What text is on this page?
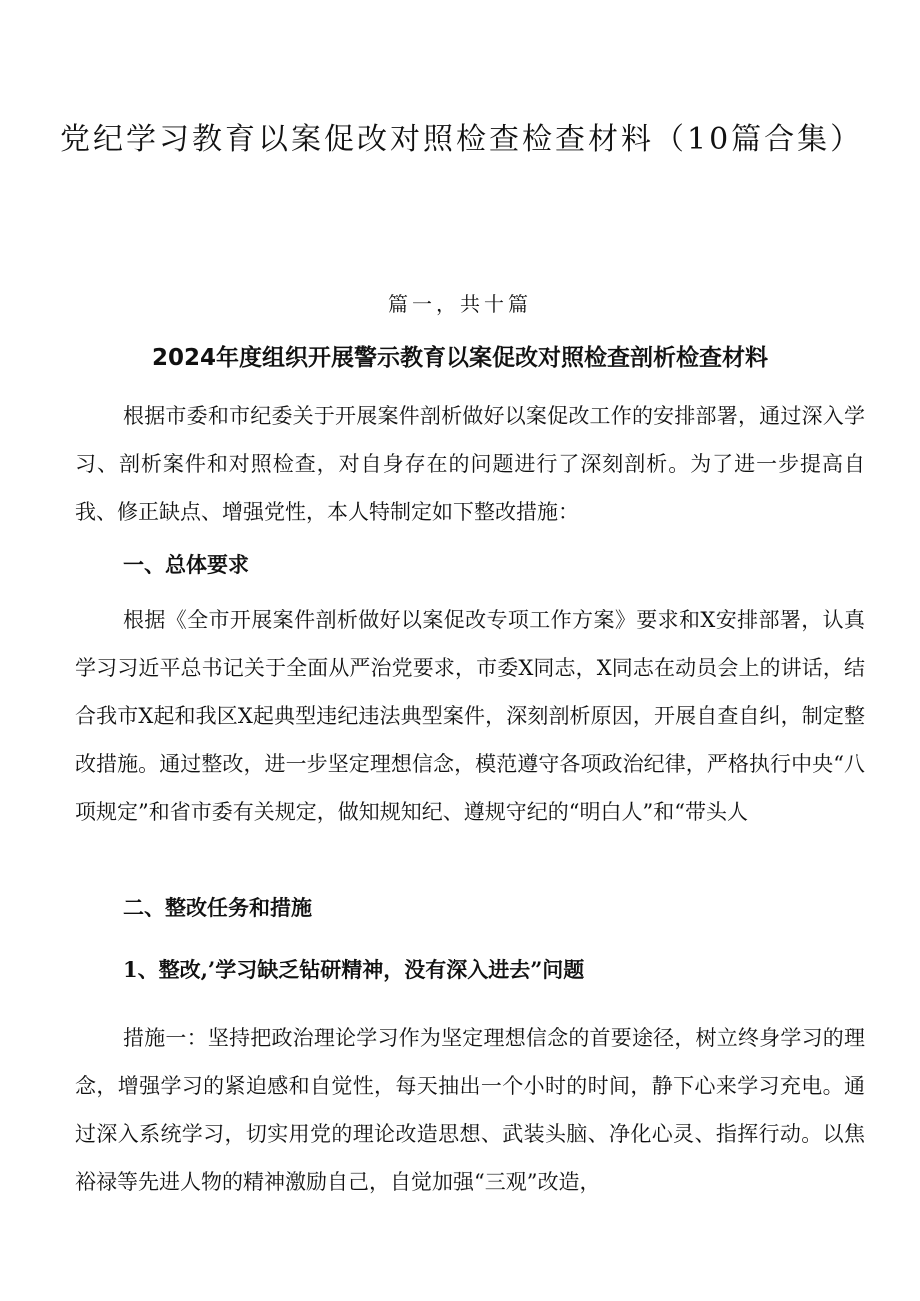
党纪学习教育以案促改对照检查检查材料（10篇合集）

篇一，共十篇

2024年度组织开展警示教育以案促改对照检查剖析检查材料

根据市委和市纪委关于开展案件剖析做好以案促改工作的安排部署，通过深入学习、剖析案件和对照检查，对自身存在的问题进行了深刻剖析。为了进一步提高自我、修正缺点、增强党性，本人特制定如下整改措施：

一、总体要求

根据《全市开展案件剖析做好以案促改专项工作方案》要求和X安排部署，认真学习习近平总书记关于全面从严治党要求，市委X同志，X同志在动员会上的讲话，结合我市X起和我区X起典型违纪违法典型案件，深刻剖析原因，开展自查自纠，制定整改措施。通过整改，进一步坚定理想信念，模范遵守各项政治纪律，严格执行中央“八项规定”和省市委有关规定，做知规知纪、遵规守纪的“明白人”和“带头人

二、整改任务和措施
1、整改,’学习缺乏钻研精神，没有深入进去”问题

措施一：坚持把政治理论学习作为坚定理想信念的首要途径，树立终身学习的理念，增强学习的紧迫感和自觉性，每天抽出一个小时的时间，静下心来学习充电。通过深入系统学习，切实用党的理论改造思想、武装头脑、净化心灵、指挥行动。以焦裕禄等先进人物的精神激励自己，自觉加强“三观”改造，
